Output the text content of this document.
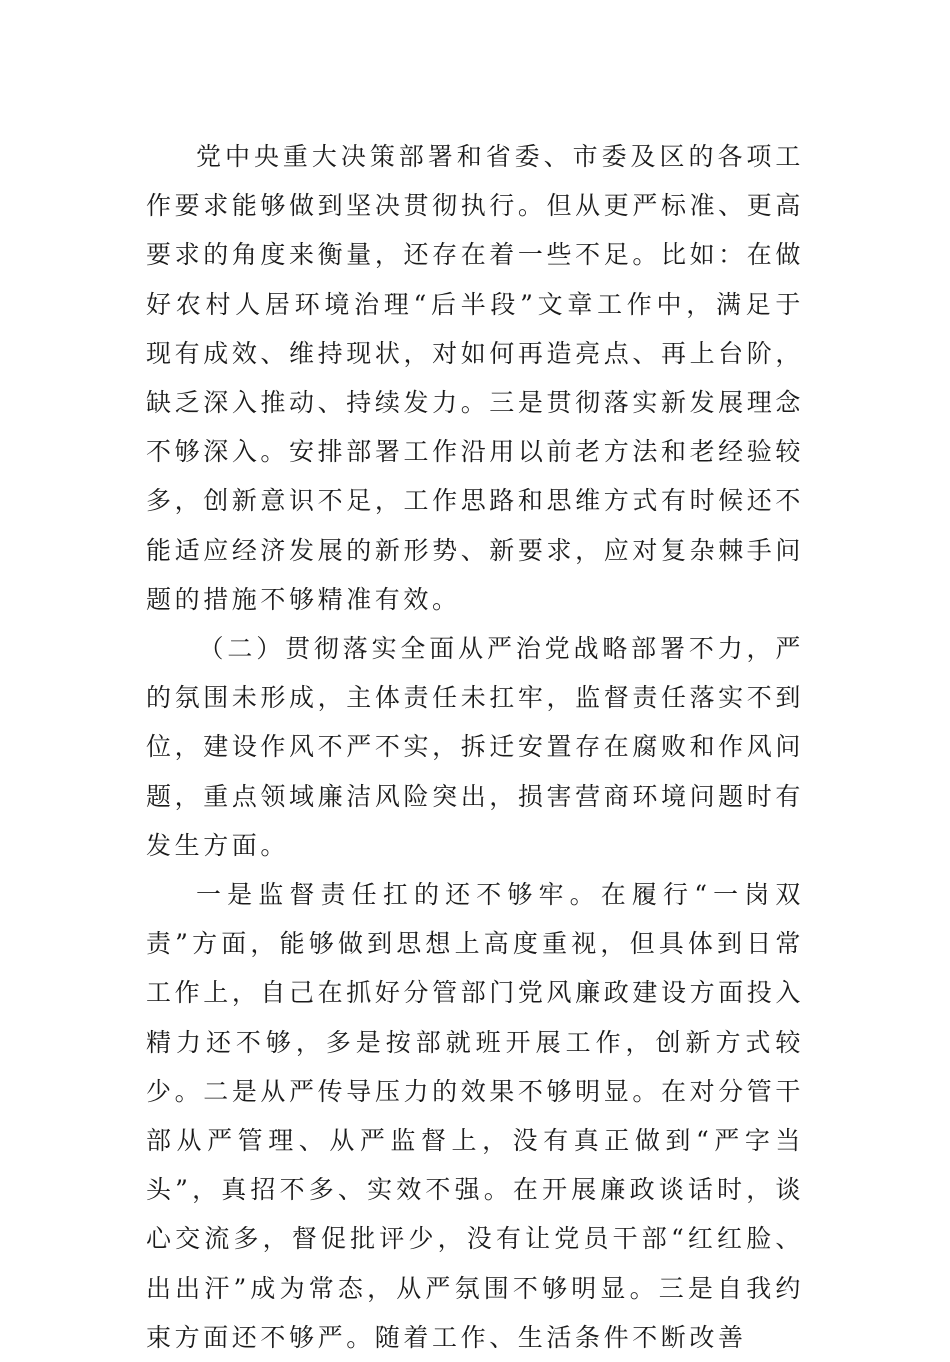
党中央重大决策部署和省委、市委及区的各项工作要求能够做到坚决贯彻执行。但从更严标准、更高要求的角度来衡量，还存在着一些不足。比如：在做好农村人居环境治理“后半段”文章工作中，满足于现有成效、维持现状，对如何再造亮点、再上台阶，缺乏深入推动、持续发力。三是贯彻落实新发展理念不够深入。安排部署工作沿用以前老方法和老经验较多，创新意识不足，工作思路和思维方式有时候还不能适应经济发展的新形势、新要求，应对复杂棘手问题的措施不够精准有效。

（二）贯彻落实全面从严治党战略部署不力，严的氛围未形成，主体责任未扛牢，监督责任落实不到位，建设作风不严不实，拆迁安置存在腐败和作风问题，重点领域廉洁风险突出，损害营商环境问题时有发生方面。

一是监督责任扛的还不够牢。在履行“一岗双责”方面，能够做到思想上高度重视，但具体到日常工作上，自己在抓好分管部门党风廉政建设方面投入精力还不够，多是按部就班开展工作，创新方式较少。二是从严传导压力的效果不够明显。在对分管干部从严管理、从严监督上，没有真正做到“严字当头”，真招不多、实效不强。在开展廉政谈话时，谈心交流多，督促批评少，没有让党员干部“红红脸、出出汗”成为常态，从严氛围不够明显。三是自我约束方面还不够严。随着工作、生活条件不断改善
